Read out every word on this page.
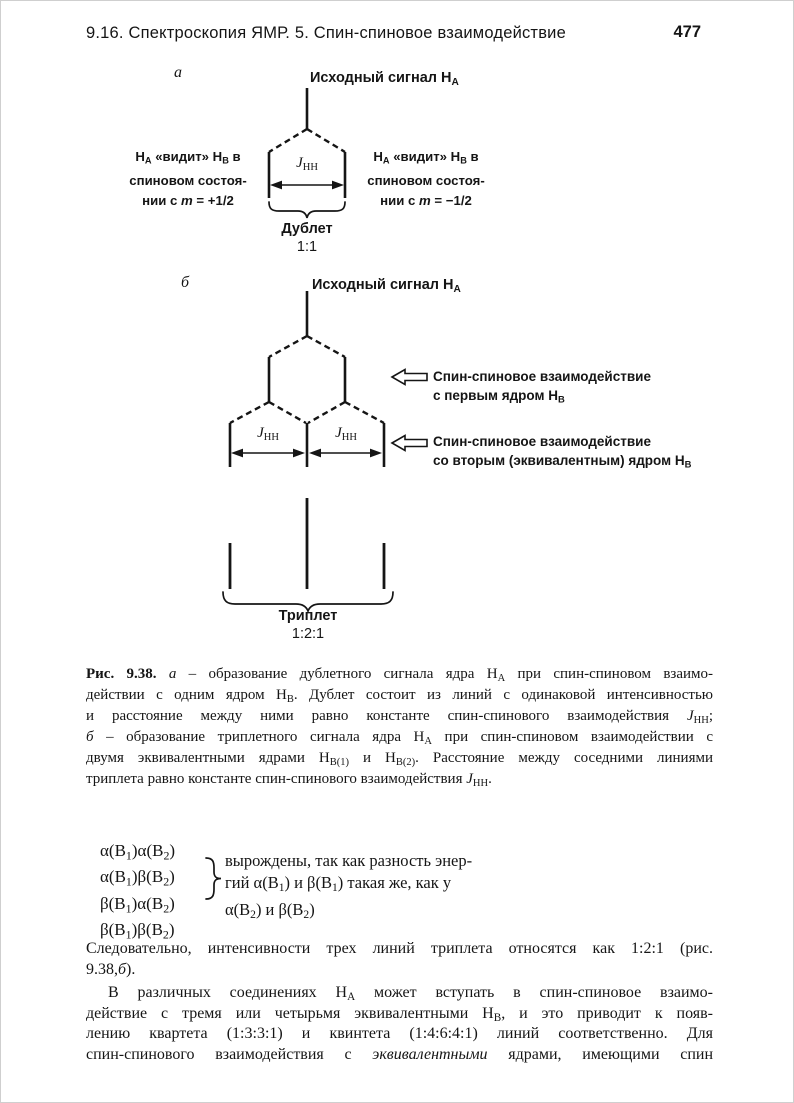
9.16. Спектроскопия ЯМР. 5. Спин-спиновое взаимодействие	477
а	Исходный сигнал HA
HA «видит» HB в
спиновом состоя-
нии с m = +1/2
HA «видит» HB в
спиновом состоя-
нии с m = −1/2
JHH
Дублет
1:1
б	Исходный сигнал HA
JHH	JHH
Спин-спиновое взаимодействие
с первым ядром HB
Спин-спиновое взаимодействие
со вторым (эквивалентным) ядром HB
Триплет
1:2:1
Рис. 9.38. а – образование дублетного сигнала ядра HA при спин-спиновом взаимо-
действии с одним ядром HB. Дублет состоит из линий с одинаковой интенсивностью
и расстояние между ними равно константе спин-спинового взаимодействия JHH;
б – образование триплетного сигнала ядра HA при спин-спиновом взаимодействии с
двумя эквивалентными ядрами HB(1) и HB(2). Расстояние между соседними линиями
триплета равно константе спин-спинового взаимодействия JHH.
α(B1)α(B2)
α(B1)β(B2)
β(B1)α(B2)
β(B1)β(B2)
вырождены, так как разность энер-
гий α(B1) и β(B1) такая же, как у
α(B2) и β(B2)
Следовательно, интенсивности трех линий триплета относятся как 1:2:1 (рис.
9.38,б).
В различных соединениях HA может вступать в спин-спиновое взаимо-
действие с тремя или четырьмя эквивалентными HB, и это приводит к появ-
лению квартета (1:3:3:1) и квинтета (1:4:6:4:1) линий соответственно. Для
спин-спинового взаимодействия с эквивалентными ядрами, имеющими спин
